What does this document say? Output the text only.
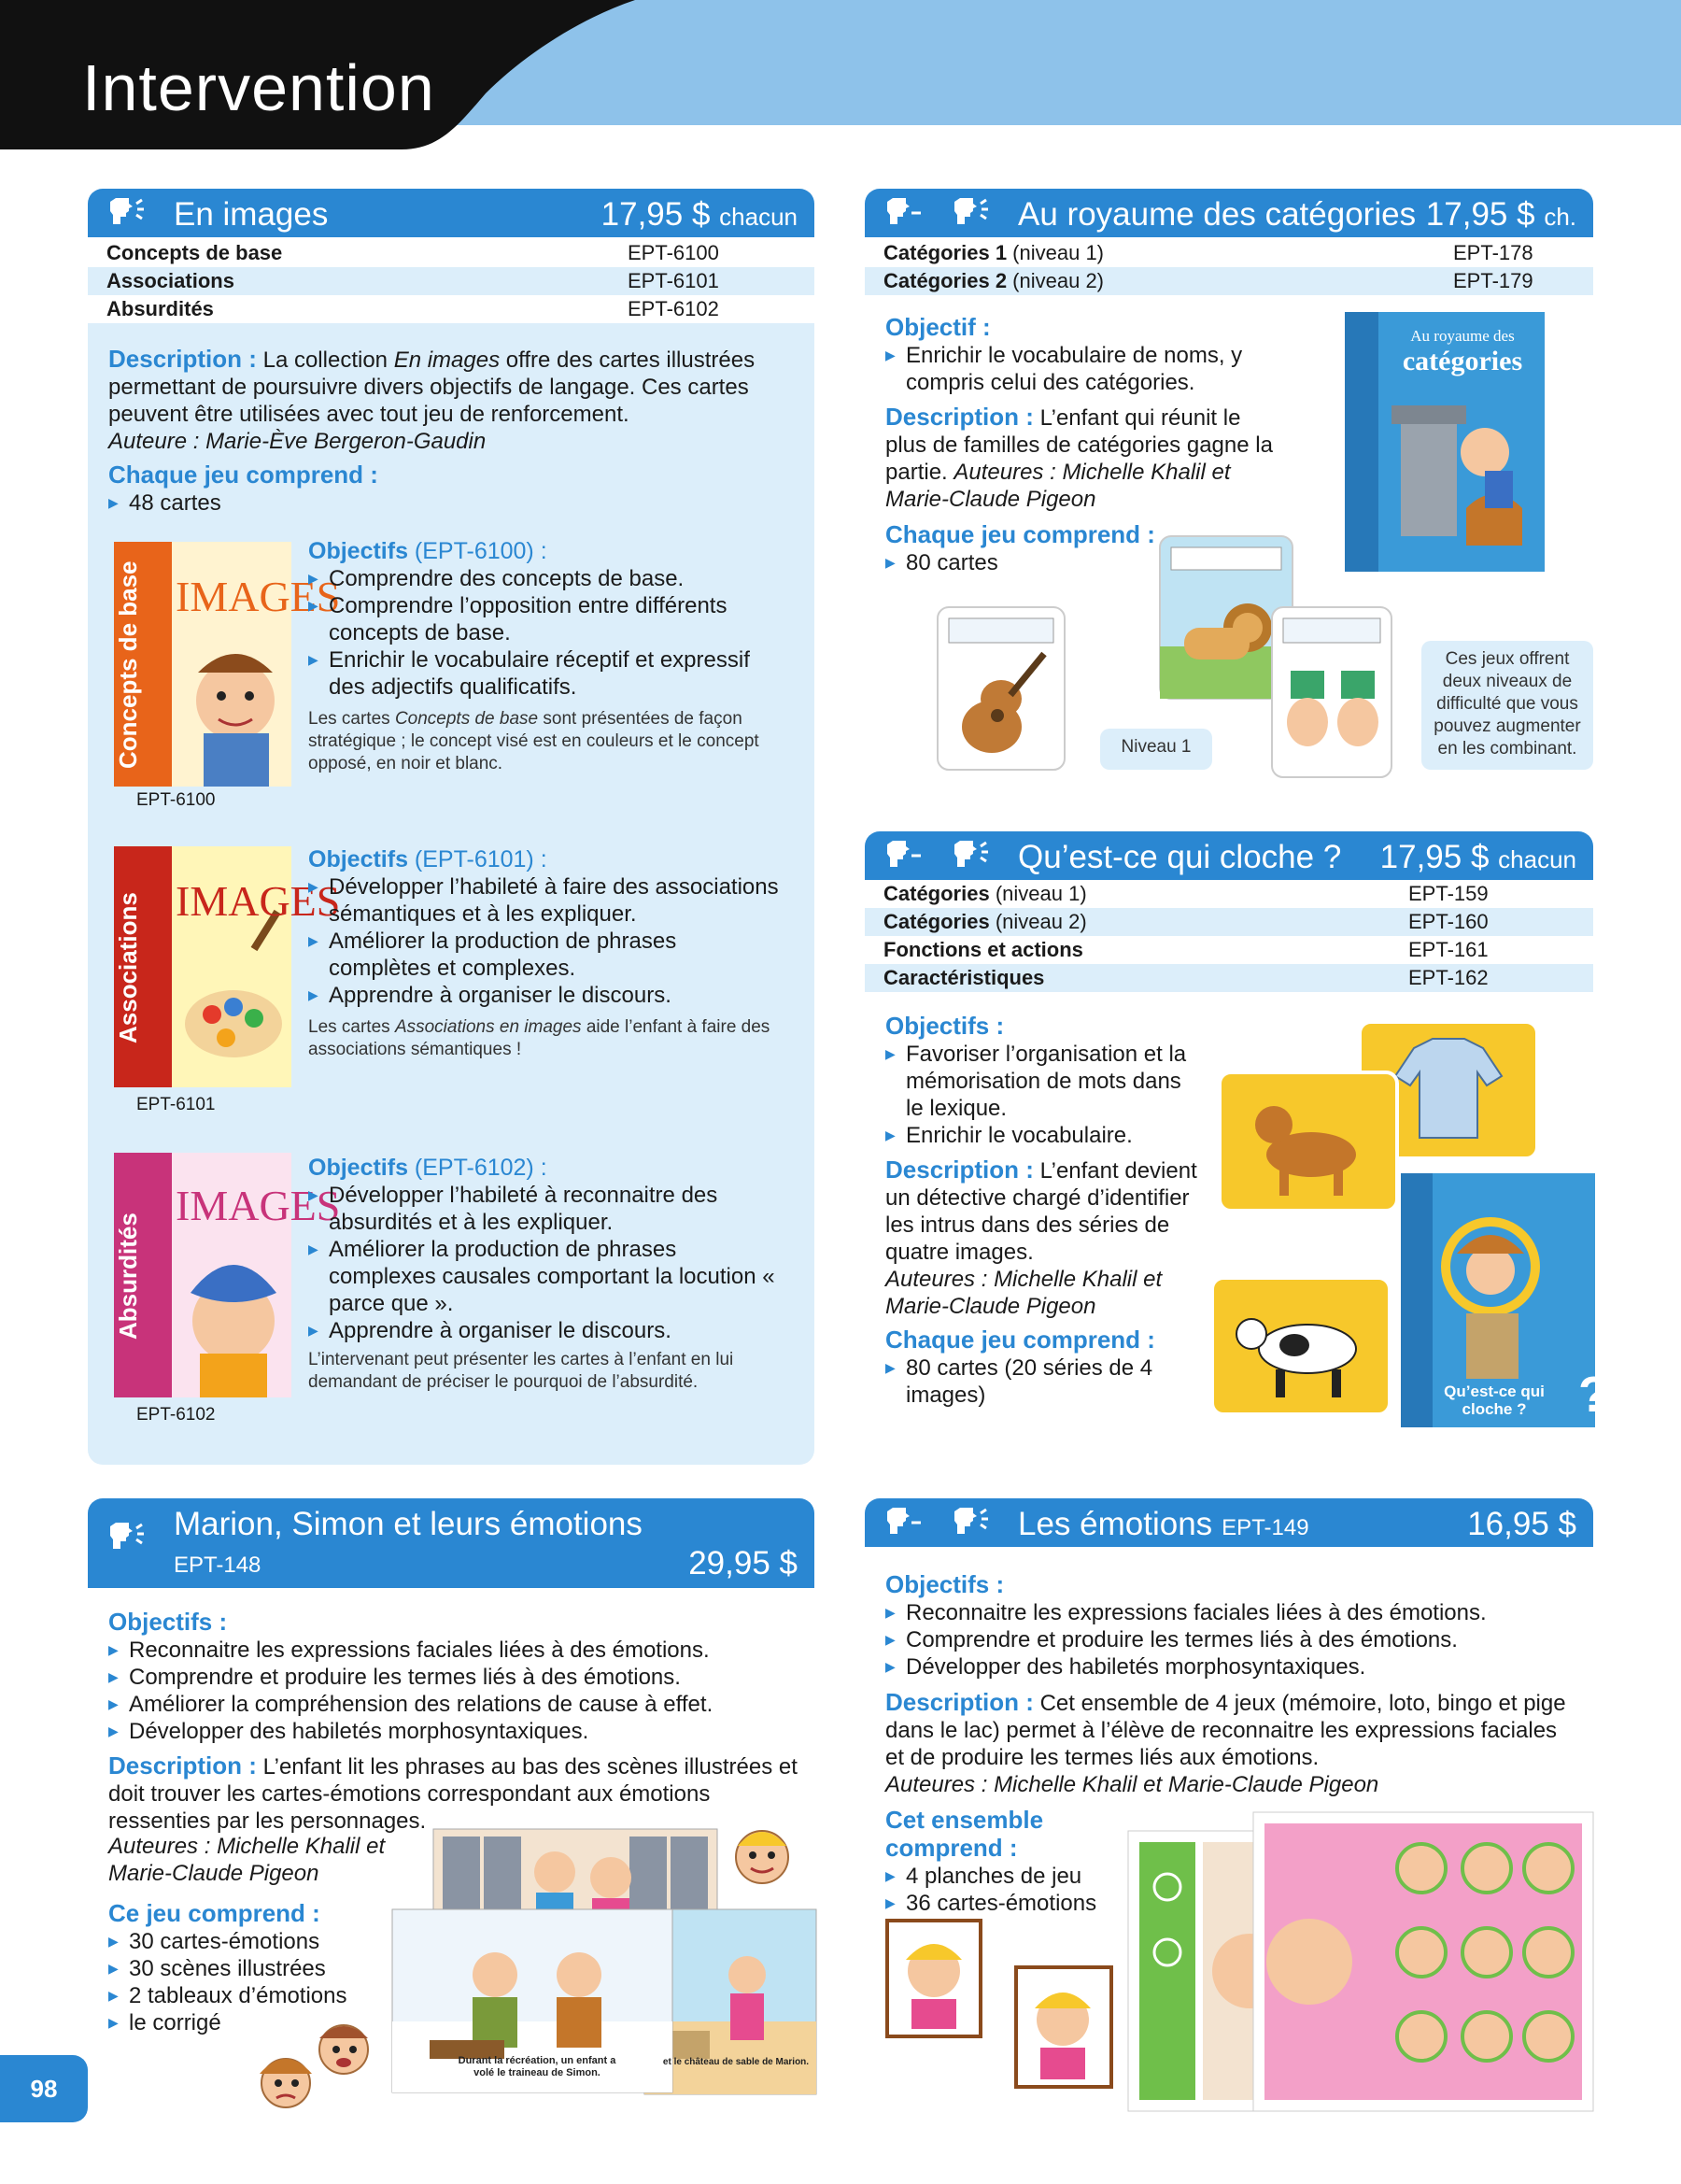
Intervention
En images	17,95 $ chacun
Concepts de base	EPT-6100
Associations	EPT-6101
Absurdités	EPT-6102
Description : La collection En images offre des cartes illustrées permettant de poursuivre divers objectifs de langage. Ces cartes peuvent être utilisées avec tout jeu de renforcement.
Auteure : Marie-Ève Bergeron-Gaudin
Chaque jeu comprend :
▶ 48 cartes
Concepts de base IMAGES
EPT-6100
Objectifs (EPT-6100) :
▶ Comprendre des concepts de base.
▶ Comprendre l’opposition entre différents concepts de base.
▶ Enrichir le vocabulaire réceptif et expressif des adjectifs qualificatifs.
Les cartes Concepts de base sont présentées de façon stratégique ; le concept visé est en couleurs et le concept opposé, en noir et blanc.
Associations IMAGES
EPT-6101
Objectifs (EPT-6101) :
▶ Développer l’habileté à faire des associations sémantiques et à les expliquer.
▶ Améliorer la production de phrases complètes et complexes.
▶ Apprendre à organiser le discours.
Les cartes Associations en images aide l’enfant à faire des associations sémantiques !
Absurdités
IMAGES
EPT-6102
Objectifs (EPT-6102) :
▶ Développer l’habileté à reconnaitre des absurdités et à les expliquer.
▶ Améliorer la production de phrases complexes causales comportant la locution « parce que ».
▶ Apprendre à organiser le discours.
L’intervenant peut présenter les cartes à l’enfant en lui demandant de préciser le pourquoi de l’absurdité.
Au royaume des catégories 17,95 $ ch.
Catégories 1 (niveau 1)	EPT-178
Catégories 2 (niveau 2)	EPT-179
Objectif :
▶ Enrichir le vocabulaire de noms, y compris celui des catégories.
Description : L’enfant qui réunit le plus de familles de catégories gagne la partie. Auteures : Michelle Khalil et Marie-Claude Pigeon
Chaque jeu comprend :
▶ 80 cartes
Au royaume des
catégories
Niveau 1
Ces jeux offrent deux niveaux de difficulté que vous pouvez augmenter en les combinant.
Qu’est-ce qui cloche ? 17,95 $ chacun
Catégories (niveau 1)	EPT-159
Catégories (niveau 2)	EPT-160
Fonctions et actions	EPT-161
Caractéristiques	EPT-162
Objectifs :
▶ Favoriser l’organisation et la mémorisation de mots dans le lexique.
▶ Enrichir le vocabulaire.
Description : L’enfant devient un détective chargé d’identifier les intrus dans des séries de quatre images.
Auteures : Michelle Khalil et Marie-Claude Pigeon
Chaque jeu comprend :
▶ 80 cartes (20 séries de 4 images)	?
Qu’est-ce qui cloche ?
Marion, Simon et leurs émotions
EPT-148	29,95 $
Objectifs :
▶ Reconnaitre les expressions faciales liées à des émotions.
▶ Comprendre et produire les termes liés à des émotions.
▶ Améliorer la compréhension des relations de cause à effet.
▶ Développer des habiletés morphosyntaxiques.
Description : L’enfant lit les phrases au bas des scènes illustrées et doit trouver les cartes-émotions correspondant aux émotions ressenties par les personnages.
Auteures : Michelle Khalil et Marie-Claude Pigeon
Ce jeu comprend :
▶ 30 cartes-émotions
▶ 30 scènes illustrées
▶ 2 tableaux d’émotions
▶ le corrigé
Durant la récréation, un enfant a volé le traineau de Simon.
et le château de sable de Marion.
Les émotions EPT-149	16,95 $
Objectifs :
▶ Reconnaitre les expressions faciales liées à des émotions.
▶ Comprendre et produire les termes liés à des émotions.
▶ Développer des habiletés morphosyntaxiques.
Description : Cet ensemble de 4 jeux (mémoire, loto, bingo et pige dans le lac) permet à l’élève de reconnaitre les expressions faciales et de produire les termes liés aux émotions.
Auteures : Michelle Khalil et Marie-Claude Pigeon
Cet ensemble comprend :
▶ 4 planches de jeu
▶ 36 cartes-émotions
98
